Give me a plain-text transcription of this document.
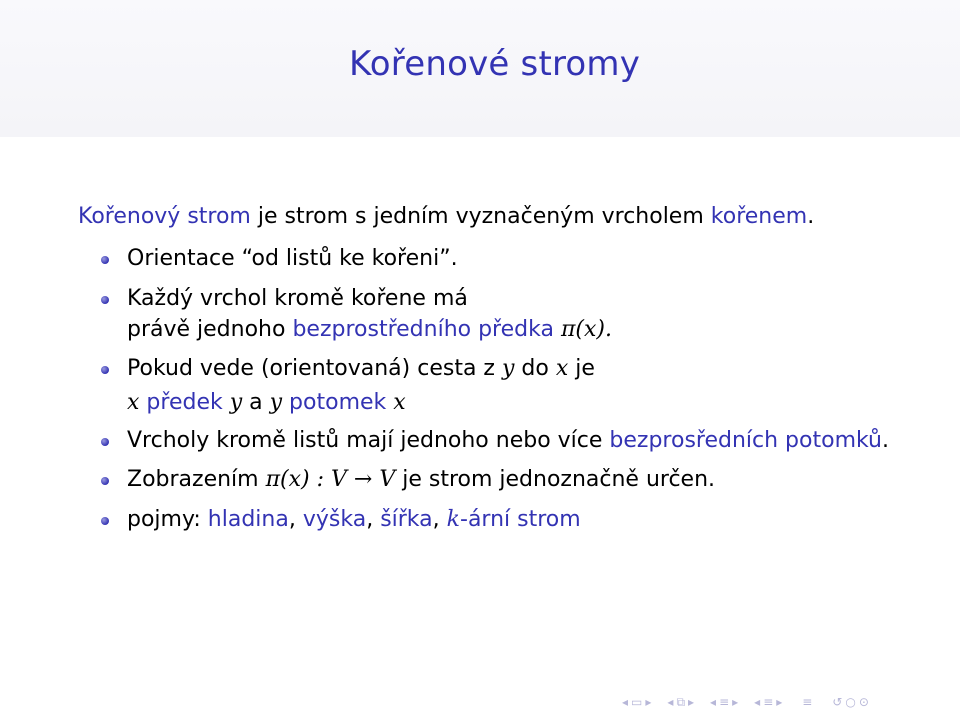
Kořenové stromy
Kořenový strom je strom s jedním vyznačeným vrcholem kořenem.
Orientace “od listů ke kořeni”.
Každý vrchol kromě kořene má
právě jednoho bezprostředního předka π(x).
Pokud vede (orientovaná) cesta z y do x je
x předek y a y potomek x
Vrcholy kromě listů mají jednoho nebo více bezprosředních potomků.
Zobrazením π(x) : V → V je strom jednoznačně určen.
pojmy: hladina, výška, šířka, k-ární strom
◂ ▭ ▸ ◂ ⧉ ▸ ◂ ≡ ▸ ◂ ≡ ▸ ≡ ↺ ○ ⊙
